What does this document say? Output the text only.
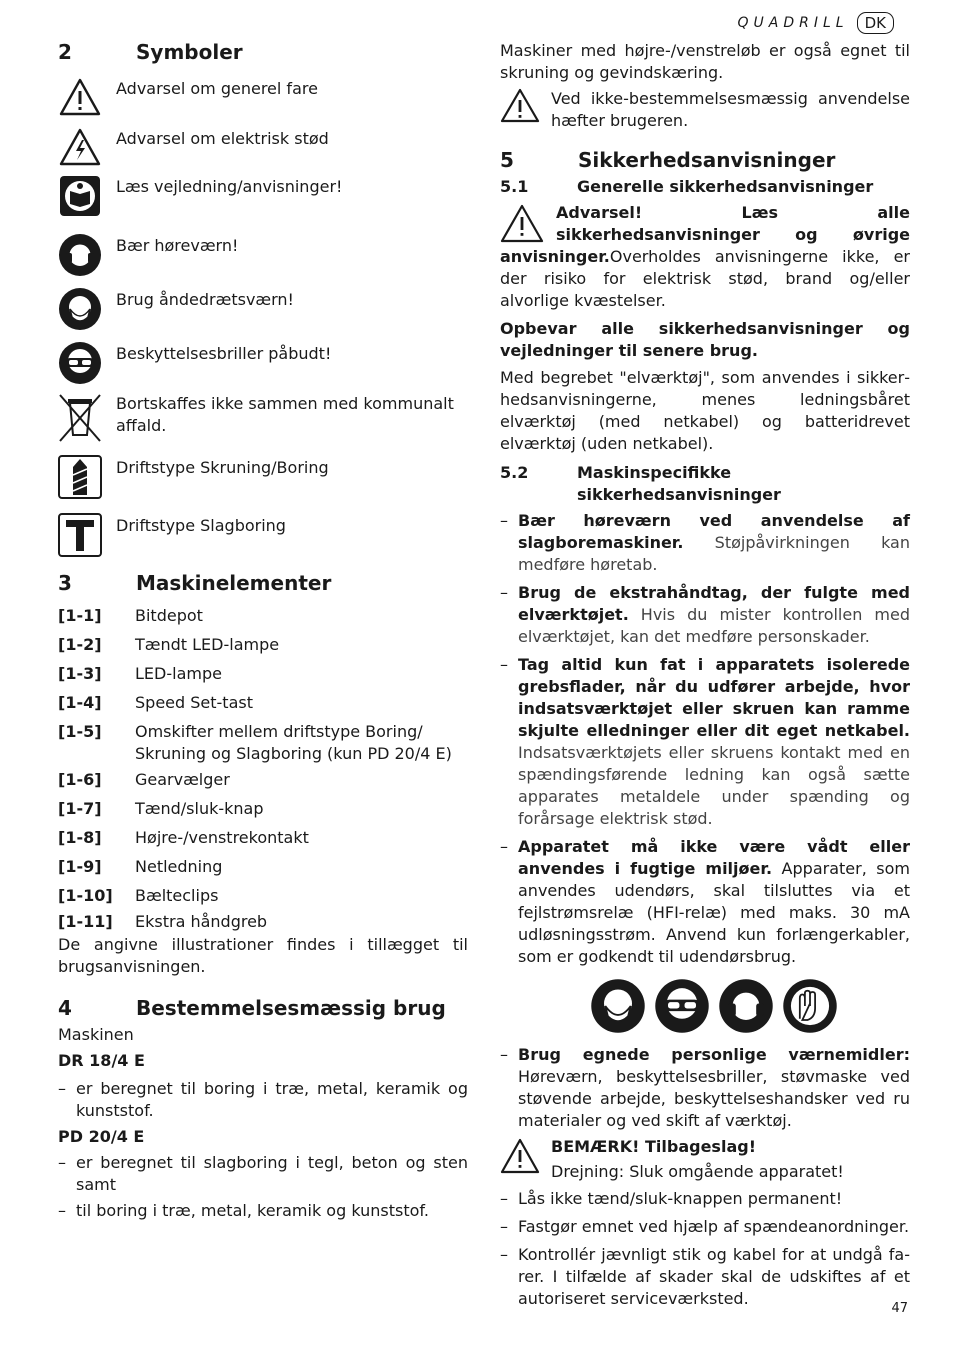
QUADRILL	DK
2	Symboler
Advarsel om generel fare
Advarsel om elektrisk stød
Læs vejledning/anvisninger!
Bær høreværn!
Brug åndedrætsværn!
Beskyttelsesbriller påbudt!
Bortskaffes ikke sammen med kommunalt affald.
Driftstype Skruning/Boring
Driftstype Slagboring
3	Maskinelementer
[1-1]	Bitdepot
[1-2]	Tændt LED-lampe
[1-3]	LED-lampe
[1-4]	Speed Set-tast
[1-5]	Omskifter mellem driftstype Boring/ Skruning og Slagboring (kun PD 20/4 E)
[1-6]	Gearvælger
[1-7]	Tænd/sluk-knap
[1-8]	Højre-/venstrekontakt
[1-9]	Netledning
[1-10]	Bælteclips
[1-11]	Ekstra håndgreb

De angivne illustrationer findes i tillægget til brugsanvisningen.

4	Bestemmelsesmæssig brug

Maskinen

DR 18/4 E

– er beregnet til boring i træ, metal, keramik og kunststof.

PD 20/4 E

– er beregnet til slagboring i tegl, beton og sten samt
– til boring i træ, metal, keramik og kunststof.

Maskiner med højre-/venstreløb er også egnet til skruning og gevindskæring.

Ved ikke-bestemmelsesmæssig anvendelse hæfter brugeren.

5	Sikkerhedsanvisninger
5.1	Generelle sikkerhedsanvisninger

Advarsel! Læs alle sikkerhedsanvisninger og øvrige anvisninger.Overholdes anvisningerne ikke, er der risiko for elektrisk stød, brand og/eller alvorlige kvæstelser.

Opbevar alle sikkerhedsanvisninger og vejledninger til senere brug.

Med begrebet "elværktøj", som anvendes i sikkerhedsanvisningerne, menes ledningsbåret elværktøj (med netkabel) og batteridrevet elværktøj (uden netkabel).

5.2	Maskinspecifikke sikkerhedsanvisninger
– Bær høreværn ved anvendelse af slagboremaskiner. Støjpåvirkningen kan medføre høretab.
– Brug de ekstrahåndtag, der fulgte med elværktøjet. Hvis du mister kontrollen med elværktøjet, kan det medføre personskader.
– Tag altid kun fat i apparatets isolerede grebsflader, når du udfører arbejde, hvor indsatsværktøjet eller skruen kan ramme skjulte elledninger eller dit eget netkabel. Indsatsværktøjets eller skruens kontakt med en spændingsførende ledning kan også sætte apparates metaldele under spænding og forårsage elektrisk stød.
– Apparatet må ikke være vådt eller anvendes i fugtige miljøer. Apparater, som anvendes udendørs, skal tilsluttes via et fejlstrømsrelæ (HFI-relæ) med maks. 30 mA udløsningsstrøm. Anvend kun forlængerkabler, som er godkendt til udendørsbrug.
– Brug egnede personlige værnemidler: Høreværn, beskyttelsesbriller, støvmaske ved støvende arbejde, beskyttelseshandsker ved ru materialer og ved skift af værktøj.

BEMÆRK! Tilbageslag!

Drejning: Sluk omgående apparatet!

– Lås ikke tænd/sluk-knappen permanent!
– Fastgør emnet ved hjælp af spændeanordninger.
– Kontrollér jævnligt stik og kabel for at undgå farer. I tilfælde af skader skal de udskiftes af et autoriseret serviceværksted.
47
